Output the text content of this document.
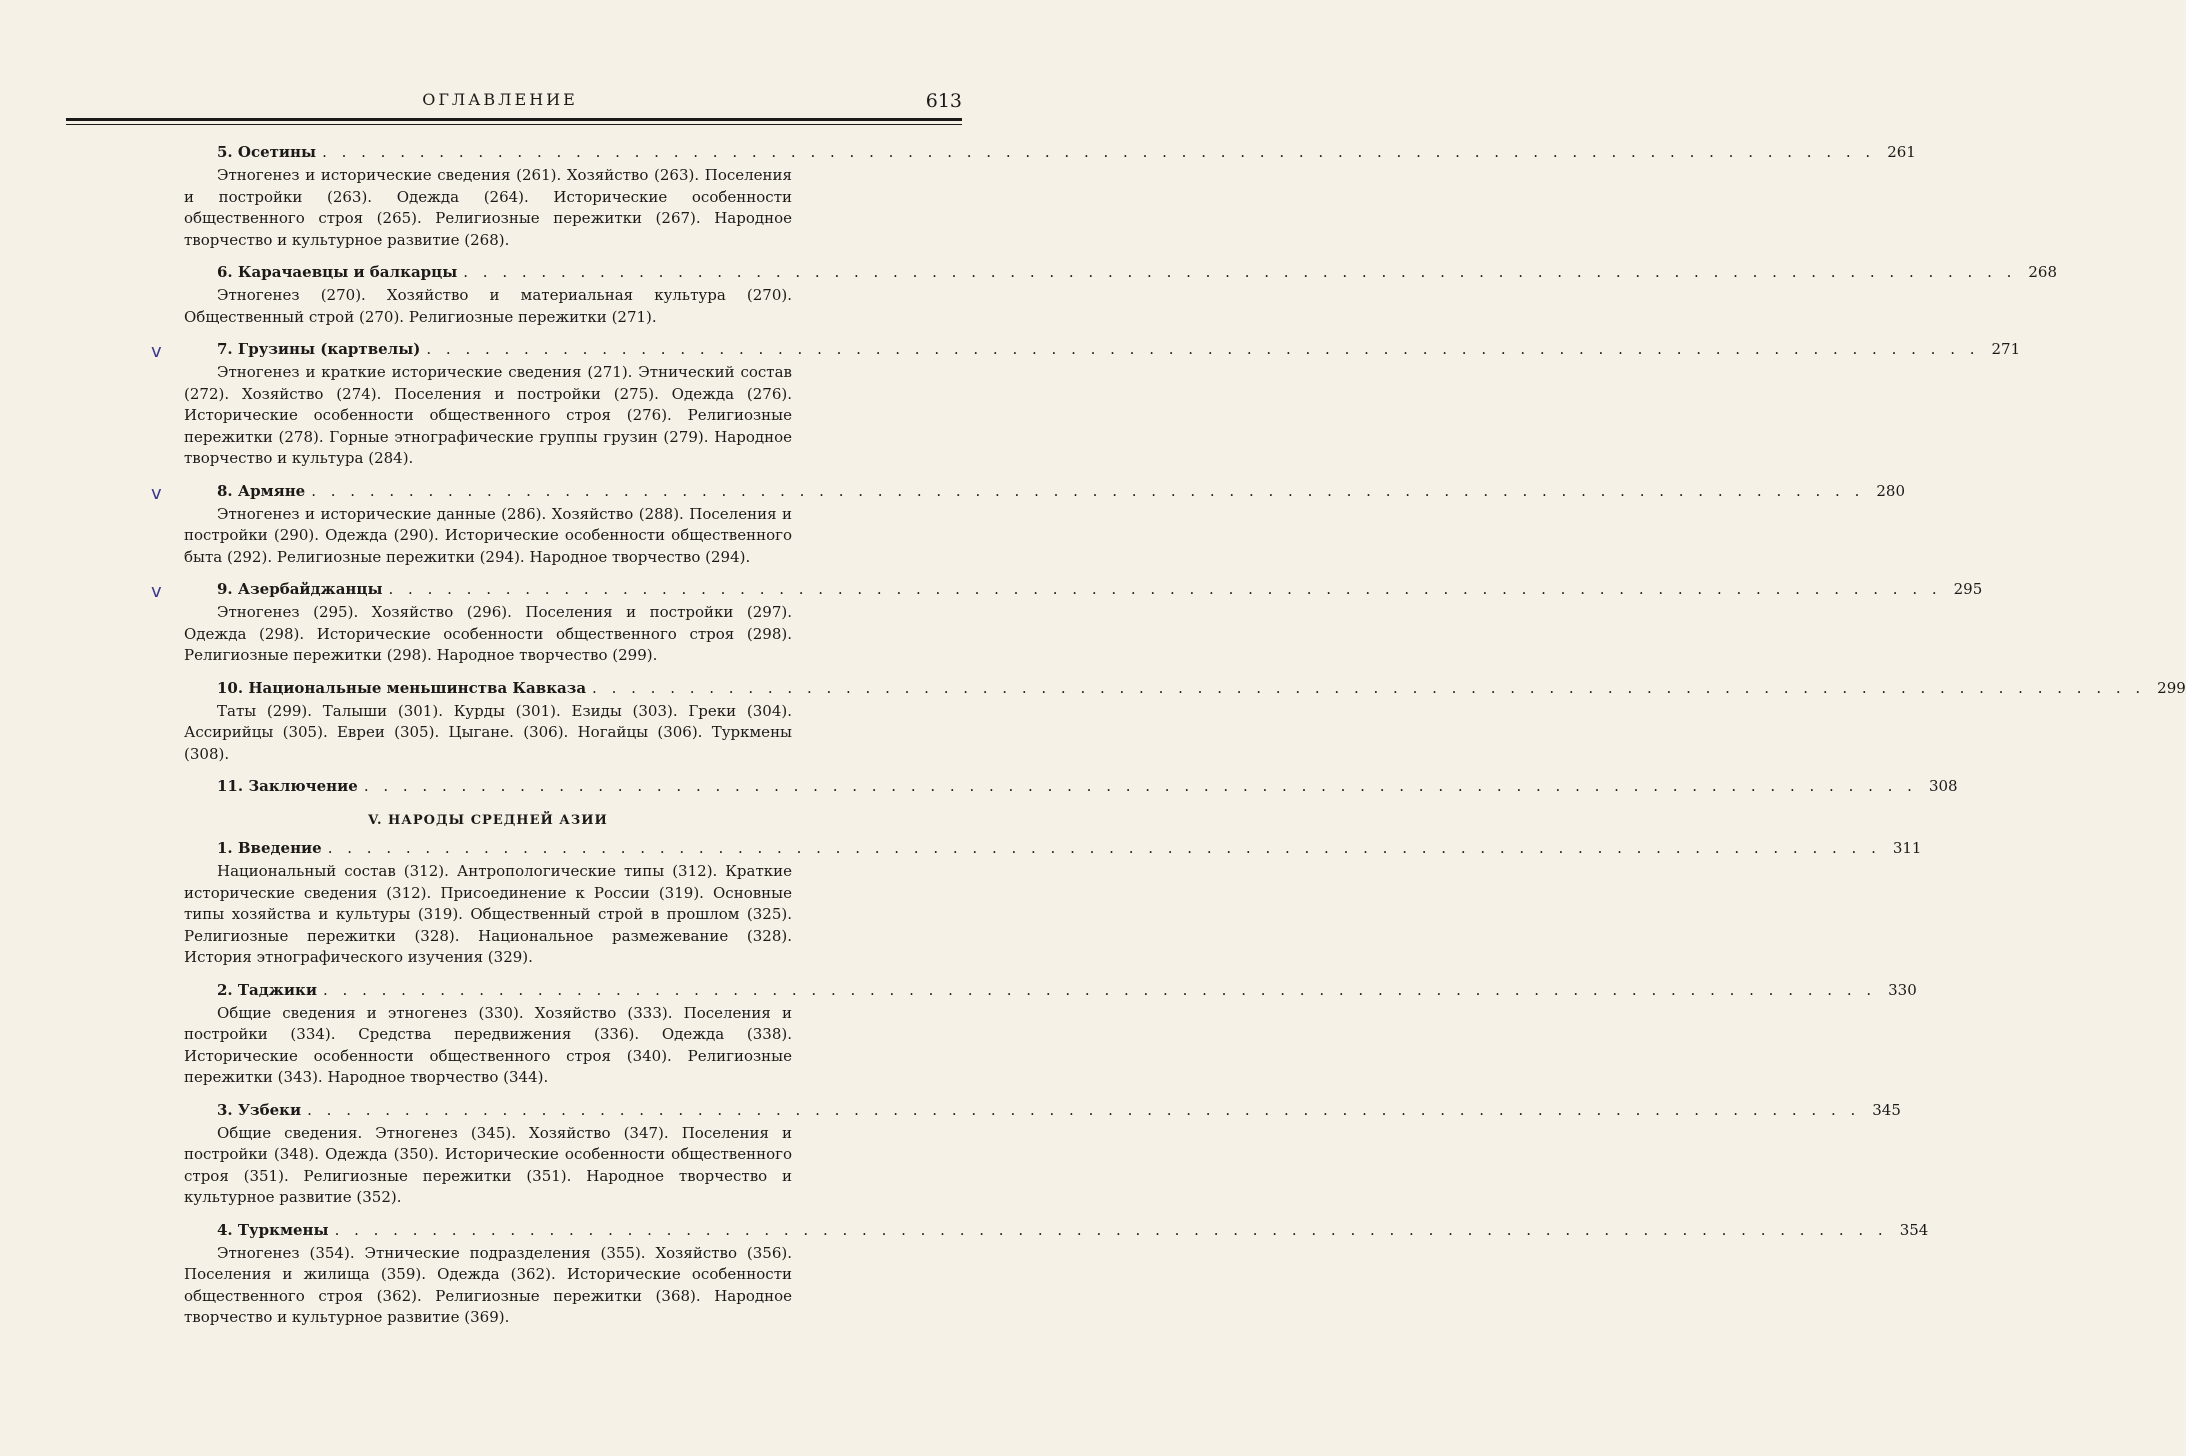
ОГЛАВЛЕНИЕ	613
5. Осетины . . . . . . . . . . . . . . . . . . . . . . . . . . . . . . . . . . . . . . . . . . . . . . . . . . . . . . . . . . . . . . . . . . . . . . . . . . . . . . . . 261
Этногенез и исторические сведения (261). Хозяйство (263). Поселения и постройки (263). Одежда (264). Исторические особенности общественного строя (265). Религиозные пережитки (267). Народное творчество и культурное развитие (268).
6. Карачаевцы и балкарцы . . . . . . . . . . . . . . . . . . . . . . . . . . . . . . . . . . . . . . . . . . . . . . . . . . . . . . . . . . . . . . . . . . . . . . . . . . . . . . . . 268
Этногенез (270). Хозяйство и материальная культура (270). Общественный строй (270). Религиозные пережитки (271).
v	7. Грузины (картвелы) . . . . . . . . . . . . . . . . . . . . . . . . . . . . . . . . . . . . . . . . . . . . . . . . . . . . . . . . . . . . . . . . . . . . . . . . . . . . . . . . 271
Этногенез и краткие исторические сведения (271). Этнический состав (272). Хозяйство (274). Поселения и постройки (275). Одежда (276). Исторические особенности общественного строя (276). Религиозные пережитки (278). Горные этнографические группы грузин (279). Народное творчество и культура (284).
v	8. Армяне . . . . . . . . . . . . . . . . . . . . . . . . . . . . . . . . . . . . . . . . . . . . . . . . . . . . . . . . . . . . . . . . . . . . . . . . . . . . . . . . 280
Этногенез и исторические данные (286). Хозяйство (288). Поселения и постройки (290). Одежда (290). Исторические особенности общественного быта (292). Религиозные пережитки (294). Народное творчество (294).
v	9. Азербайджанцы . . . . . . . . . . . . . . . . . . . . . . . . . . . . . . . . . . . . . . . . . . . . . . . . . . . . . . . . . . . . . . . . . . . . . . . . . . . . . . . . 295
Этногенез (295). Хозяйство (296). Поселения и постройки (297). Одежда (298). Исторические особенности общественного строя (298). Религиозные пережитки (298). Народное творчество (299).
10. Национальные меньшинства Кавказа . . . . . . . . . . . . . . . . . . . . . . . . . . . . . . . . . . . . . . . . . . . . . . . . . . . . . . . . . . . . . . . . . . . . . . . . . . . . . . . . 299
Таты (299). Талыши (301). Курды (301). Езиды (303). Греки (304). Ассирийцы (305). Евреи (305). Цыгане. (306). Ногайцы (306). Туркмены (308).
11. Заключение . . . . . . . . . . . . . . . . . . . . . . . . . . . . . . . . . . . . . . . . . . . . . . . . . . . . . . . . . . . . . . . . . . . . . . . . . . . . . . . . 308
V. НАРОДЫ СРЕДНЕЙ АЗИИ
1. Введение . . . . . . . . . . . . . . . . . . . . . . . . . . . . . . . . . . . . . . . . . . . . . . . . . . . . . . . . . . . . . . . . . . . . . . . . . . . . . . . . 311
Национальный состав (312). Антропологические типы (312). Краткие исторические сведения (312). Присоединение к России (319). Основные типы хозяйства и культуры (319). Общественный строй в прошлом (325). Религиозные пережитки (328). Национальное размежевание (328). История этнографического изучения (329).
2. Таджики . . . . . . . . . . . . . . . . . . . . . . . . . . . . . . . . . . . . . . . . . . . . . . . . . . . . . . . . . . . . . . . . . . . . . . . . . . . . . . . . 330
Общие сведения и этногенез (330). Хозяйство (333). Поселения и постройки (334). Средства передвижения (336). Одежда (338). Исторические особенности общественного строя (340). Религиозные пережитки (343). Народное творчество (344).
3. Узбеки . . . . . . . . . . . . . . . . . . . . . . . . . . . . . . . . . . . . . . . . . . . . . . . . . . . . . . . . . . . . . . . . . . . . . . . . . . . . . . . . 345
Общие сведения. Этногенез (345). Хозяйство (347). Поселения и постройки (348). Одежда (350). Исторические особенности общественного строя (351). Религиозные пережитки (351). Народное творчество и культурное развитие (352).
4. Туркмены . . . . . . . . . . . . . . . . . . . . . . . . . . . . . . . . . . . . . . . . . . . . . . . . . . . . . . . . . . . . . . . . . . . . . . . . . . . . . . . . 354
Этногенез (354). Этнические подразделения (355). Хозяйство (356). Поселения и жилища (359). Одежда (362). Исторические особенности общественного строя (362). Религиозные пережитки (368). Народное творчество и культурное развитие (369).
